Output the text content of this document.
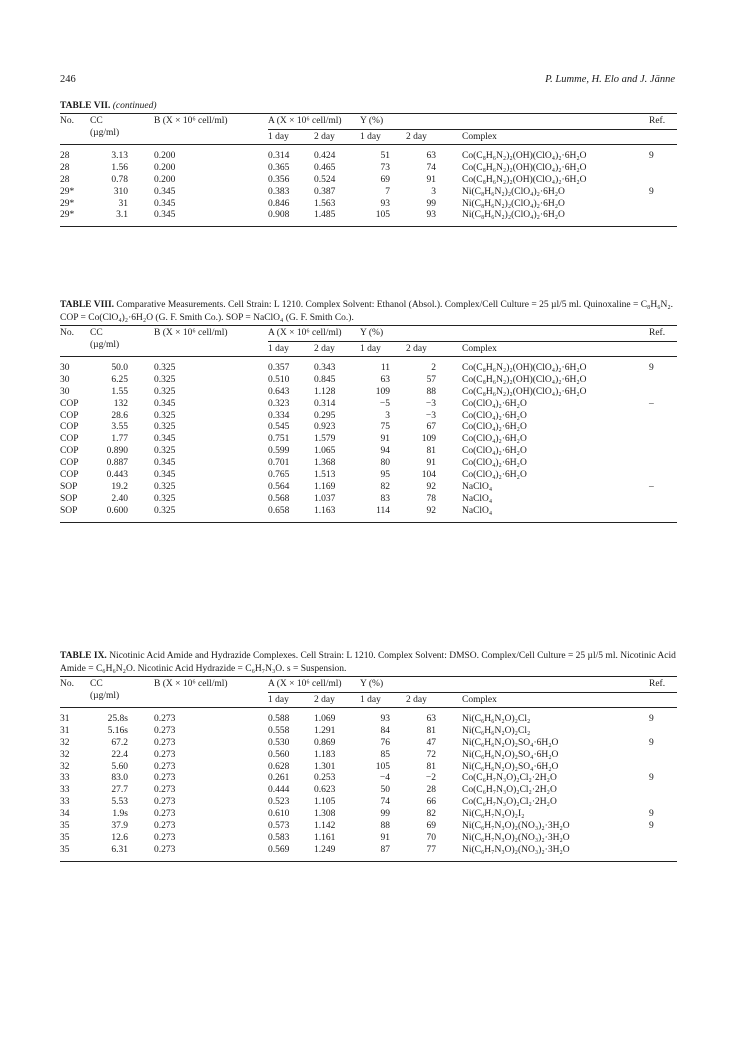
246	P. Lumme, H. Elo and J. Jänne

TABLE VII. (continued)

No. CC
(µg/ml)
B (X × 10⁶ cell/ml)	A (X × 10⁶ cell/ml) Y (%)	Ref.
1 day	2 day	1 day	2 day	Complex
28	3.13	0.200	0.314	0.424	51	63	Co(C₈H₆N₂)₂(OH)(ClO₄)₂·6H₂O	9
28	1.56	0.200	0.365	0.465	73	74	Co(C₈H₆N₂)₂(OH)(ClO₄)₂·6H₂O
28	0.78	0.200	0.356	0.524	69	91	Co(C₈H₆N₂)₂(OH)(ClO₄)₂·6H₂O
29*	310	0.345	0.383	0.387	7	3	Ni(C₈H₆N₂)₂(ClO₄)₂·6H₂O	9
29*	31	0.345	0.846	1.563	93	99	Ni(C₈H₆N₂)₂(ClO₄)₂·6H₂O
29*	3.1	0.345	0.908	1.485	105	93	Ni(C₈H₆N₂)₂(ClO₄)₂·6H₂O

TABLE VIII. Comparative Measurements. Cell Strain: L 1210. Complex Solvent: Ethanol (Absol.). Complex/Cell Culture = 25 µl/5 ml. Quinoxaline = C₈H₆N₂. COP = Co(ClO₄)₂·6H₂O (G. F. Smith Co.). SOP = NaClO₄ (G. F. Smith Co.).

No. CC
(µg/ml)
B (X × 10⁶ cell/ml)	A (X × 10⁶ cell/ml) Y (%)	Ref.
1 day	2 day	1 day	2 day	Complex
30	50.0	0.325	0.357	0.343	11	2	Co(C₈H₆N₂)₂(OH)(ClO₄)₂·6H₂O	9
30	6.25	0.325	0.510	0.845	63	57	Co(C₈H₆N₂)₂(OH)(ClO₄)₂·6H₂O
30	1.55	0.325	0.643	1.128	109	88	Co(C₈H₆N₂)₂(OH)(ClO₄)₂·6H₂O
COP	132	0.345	0.323	0.314	−5	−3	Co(ClO₄)₂·6H₂O	–
COP	28.6	0.325	0.334	0.295	3	−3	Co(ClO₄)₂·6H₂O
COP	3.55	0.325	0.545	0.923	75	67	Co(ClO₄)₂·6H₂O
COP	1.77	0.345	0.751	1.579	91	109	Co(ClO₄)₂·6H₂O
COP	0.890	0.325	0.599	1.065	94	81	Co(ClO₄)₂·6H₂O
COP	0.887	0.345	0.701	1.368	80	91	Co(ClO₄)₂·6H₂O
COP	0.443	0.345	0.765	1.513	95	104	Co(ClO₄)₂·6H₂O
SOP	19.2	0.325	0.564	1.169	82	92	NaClO₄	–
SOP	2.40	0.325	0.568	1.037	83	78	NaClO₄
SOP	0.600	0.325	0.658	1.163	114	92	NaClO₄

TABLE IX. Nicotinic Acid Amide and Hydrazide Complexes. Cell Strain: L 1210. Complex Solvent: DMSO. Complex/Cell Culture = 25 µl/5 ml. Nicotinic Acid Amide = C₆H₆N₂O. Nicotinic Acid Hydrazide = C₆H₇N₃O. s = Suspension.

No. CC
(µg/ml)
B (X × 10⁶ cell/ml)	A (X × 10⁶ cell/ml) Y (%)	Ref.
1 day	2 day	1 day	2 day	Complex
31	25.8s	0.273	0.588	1.069	93	63	Ni(C₆H₆N₂O)₂Cl₂	9
31	5.16s	0.273	0.558	1.291	84	81	Ni(C₆H₆N₂O)₂Cl₂
32	67.2	0.273	0.530	0.869	76	47	Ni(C₆H₆N₂O)₂SO₄·6H₂O	9
32	22.4	0.273	0.560	1.183	85	72	Ni(C₆H₆N₂O)₂SO₄·6H₂O
32	5.60	0.273	0.628	1.301	105	81	Ni(C₆H₆N₂O)₂SO₄·6H₂O
33	83.0	0.273	0.261	0.253	−4	−2	Co(C₆H₇N₃O)₂Cl₂·2H₂O	9
33	27.7	0.273	0.444	0.623	50	28	Co(C₆H₇N₃O)₂Cl₂·2H₂O
33	5.53	0.273	0.523	1.105	74	66	Co(C₆H₇N₃O)₂Cl₂·2H₂O
34	1.9s	0.273	0.610	1.308	99	82	Ni(C₆H₇N₃O)₂I₂	9
35	37.9	0.273	0.573	1.142	88	69	Ni(C₆H₇N₃O)₂(NO₃)₂·3H₂O	9
35	12.6	0.273	0.583	1.161	91	70	Ni(C₆H₇N₃O)₂(NO₃)₂·3H₂O
35	6.31	0.273	0.569	1.249	87	77	Ni(C₆H₇N₃O)₂(NO₃)₂·3H₂O
